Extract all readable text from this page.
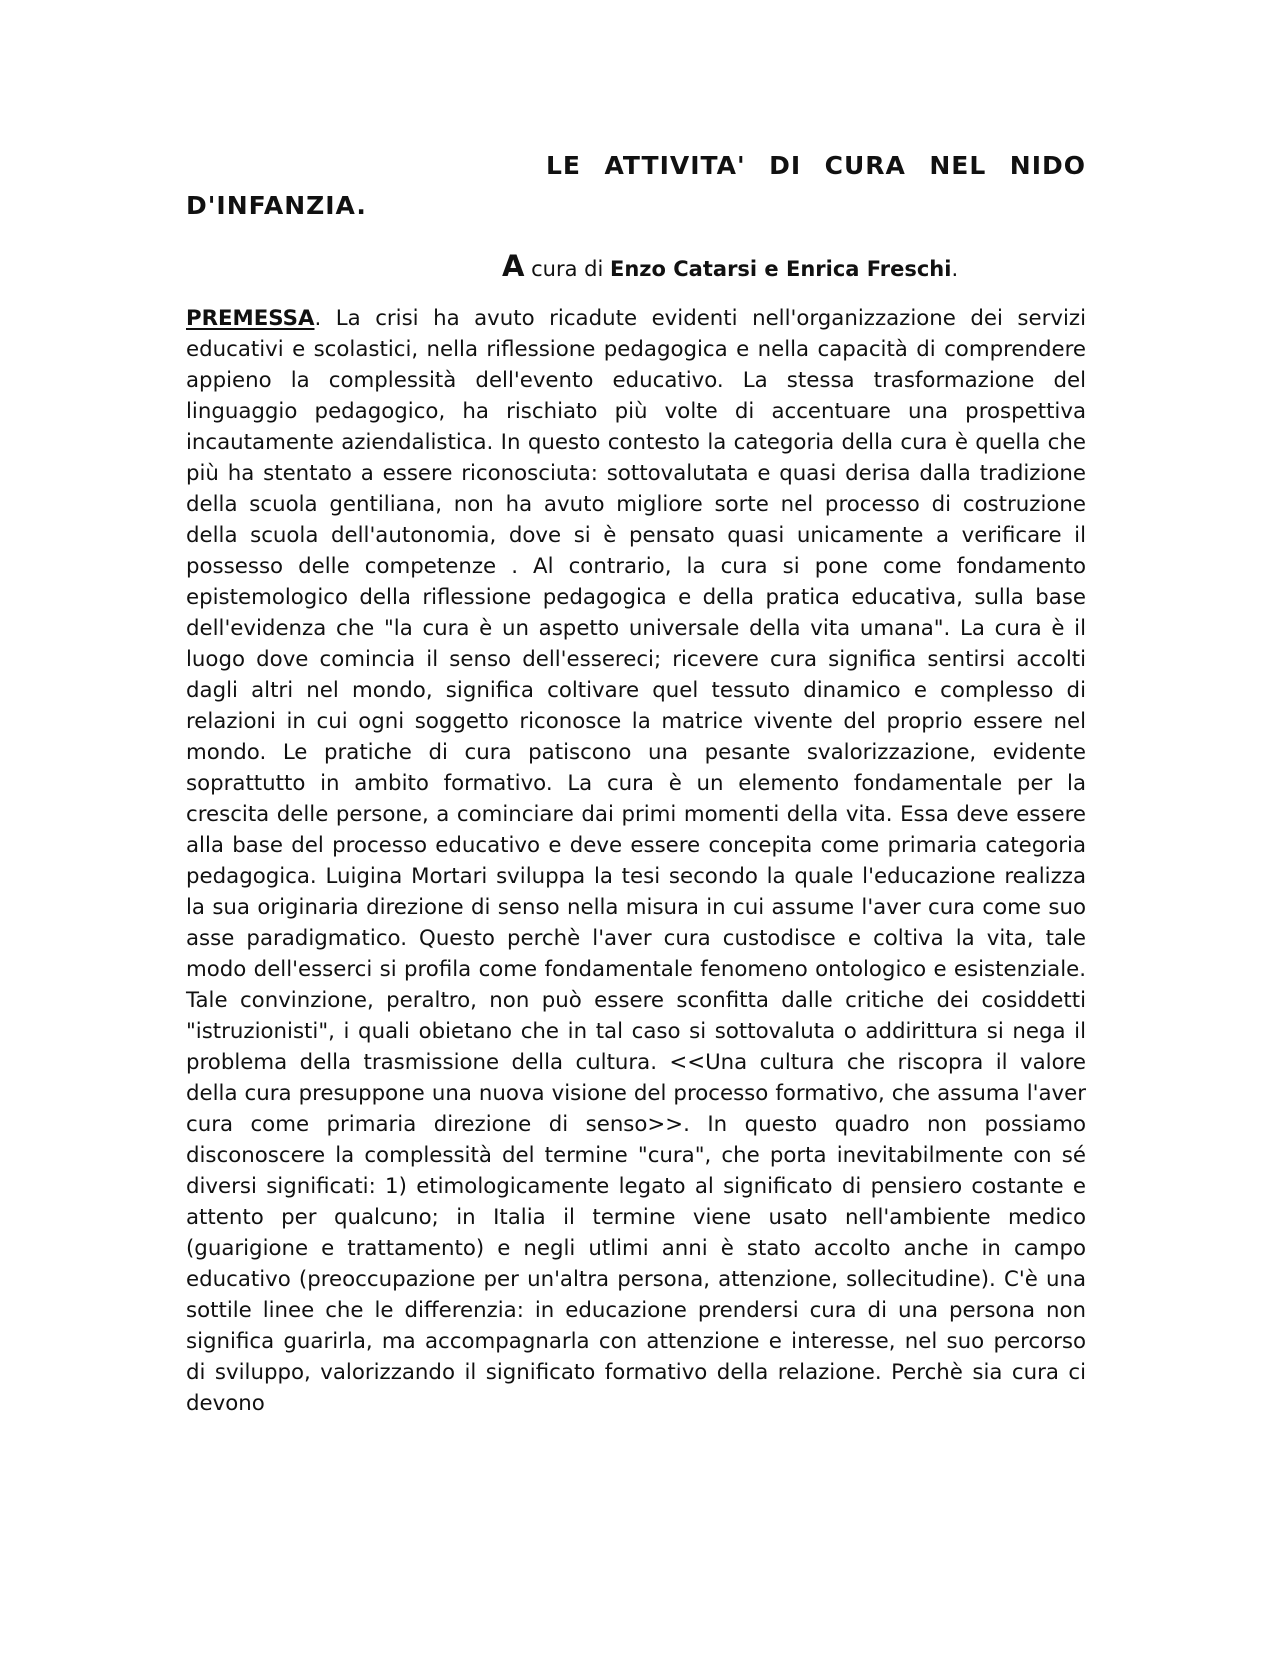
LE ATTIVITA' DI CURA NEL NIDO D'INFANZIA.

A cura di Enzo Catarsi e Enrica Freschi.

PREMESSA. La crisi ha avuto ricadute evidenti nell'organizzazione dei servizi educativi e scolastici, nella riflessione pedagogica e nella capacità di comprendere appieno la complessità dell'evento educativo. La stessa trasformazione del linguaggio pedagogico, ha rischiato più volte di accentuare una prospettiva incautamente aziendalistica. In questo contesto la categoria della cura è quella che più ha stentato a essere riconosciuta: sottovalutata e quasi derisa dalla tradizione della scuola gentiliana, non ha avuto migliore sorte nel processo di costruzione della scuola dell'autonomia, dove si è pensato quasi unicamente a verificare il possesso delle competenze . Al contrario, la cura si pone come fondamento epistemologico della riflessione pedagogica e della pratica educativa, sulla base dell'evidenza che "la cura è un aspetto universale della vita umana". La cura è il luogo dove comincia il senso dell'essereci; ricevere cura significa sentirsi accolti dagli altri nel mondo, significa coltivare quel tessuto dinamico e complesso di relazioni in cui ogni soggetto riconosce la matrice vivente del proprio essere nel mondo. Le pratiche di cura patiscono una pesante svalorizzazione, evidente soprattutto in ambito formativo. La cura è un elemento fondamentale per la crescita delle persone, a cominciare dai primi momenti della vita. Essa deve essere alla base del processo educativo e deve essere concepita come primaria categoria pedagogica. Luigina Mortari sviluppa la tesi secondo la quale l'educazione realizza la sua originaria direzione di senso nella misura in cui assume l'aver cura come suo asse paradigmatico. Questo perchè l'aver cura custodisce e coltiva la vita, tale modo dell'esserci si profila come fondamentale fenomeno ontologico e esistenziale. Tale convinzione, peraltro, non può essere sconfitta dalle critiche dei cosiddetti "istruzionisti", i quali obietano che in tal caso si sottovaluta o addirittura si nega il problema della trasmissione della cultura. <<Una cultura che riscopra il valore della cura presuppone una nuova visione del processo formativo, che assuma l'aver cura come primaria direzione di senso>>. In questo quadro non possiamo disconoscere la complessità del termine "cura", che porta inevitabilmente con sé diversi significati: 1) etimologicamente legato al significato di pensiero costante e attento per qualcuno; in Italia il termine viene usato nell'ambiente medico (guarigione e trattamento) e negli utlimi anni è stato accolto anche in campo educativo (preoccupazione per un'altra persona, attenzione, sollecitudine). C'è una sottile linee che le differenzia: in educazione prendersi cura di una persona non significa guarirla, ma accompagnarla con attenzione e interesse, nel suo percorso di sviluppo, valorizzando il significato formativo della relazione. Perchè sia cura ci devono
